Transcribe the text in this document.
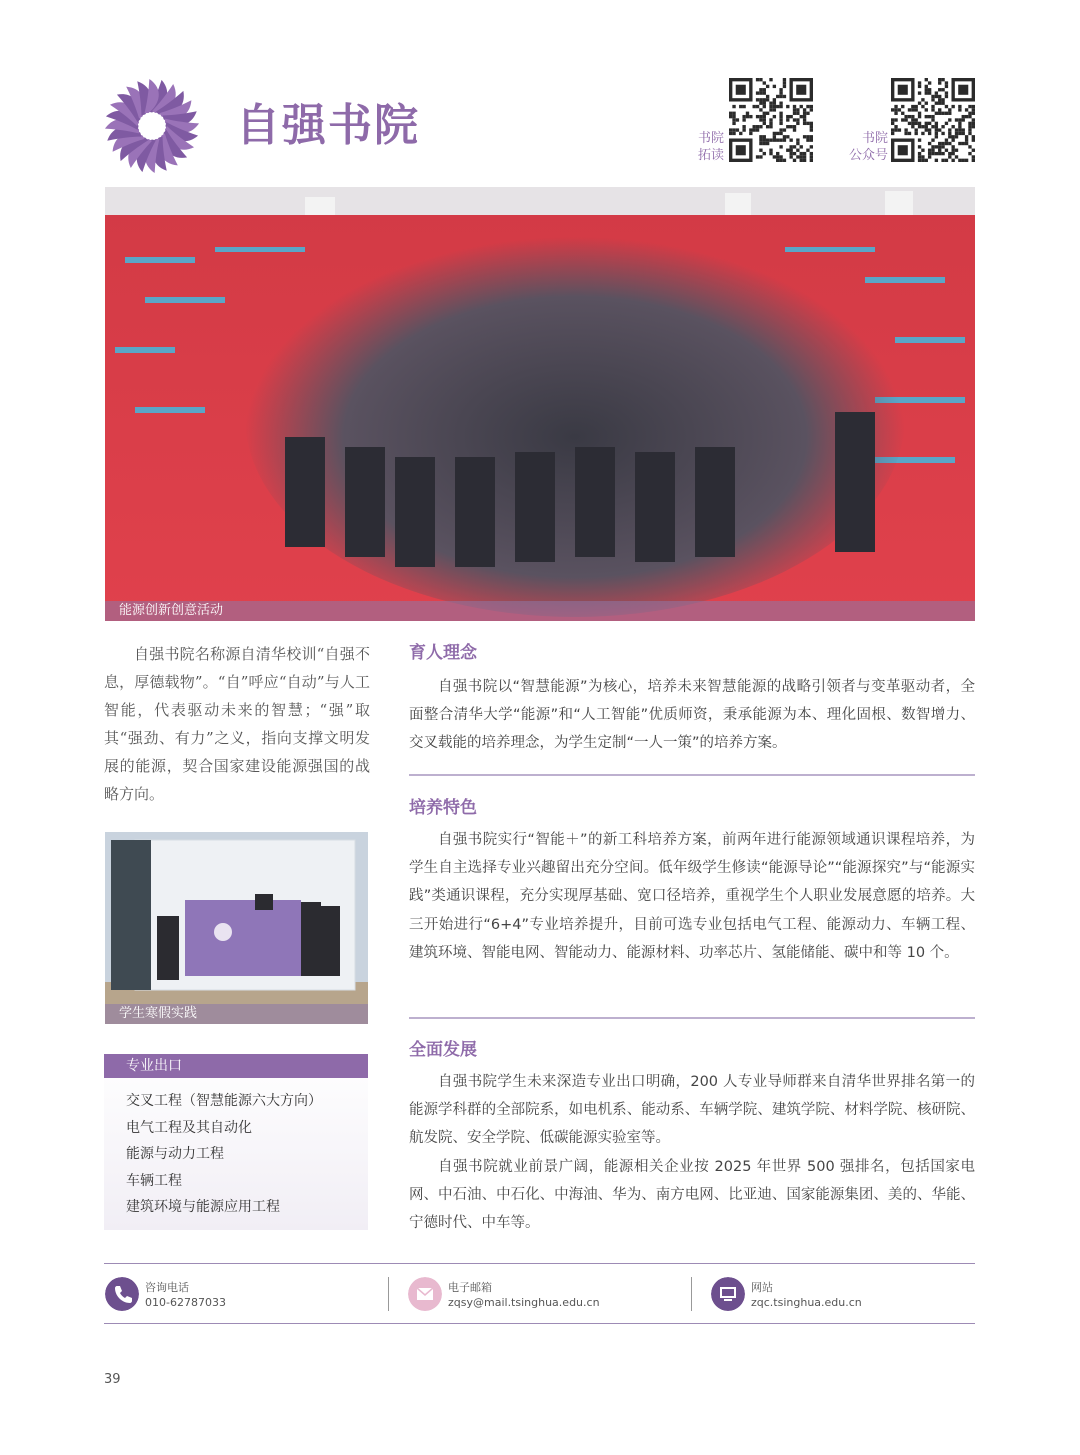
自强书院	书院
拓读
书院
公众号
能源创新创意活动
自强书院名称源自清华校训“自强不息，厚德载物”。“自”呼应“自动”与人工智能，代表驱动未来的智慧；“强”取其“强劲、有力”之义，指向支撑文明发展的能源，契合国家建设能源强国的战略方向。
学生寒假实践
专业出口
交叉工程（智慧能源六大方向）
电气工程及其自动化
能源与动力工程
车辆工程
建筑环境与能源应用工程
育人理念

自强书院以“智慧能源”为核心，培养未来智慧能源的战略引领者与变革驱动者，全面整合清华大学“能源”和“人工智能”优质师资，秉承能源为本、理化固根、数智增力、交叉载能的培养理念，为学生定制“一人一策”的培养方案。

培养特色

自强书院实行“智能＋”的新工科培养方案，前两年进行能源领域通识课程培养，为学生自主选择专业兴趣留出充分空间。低年级学生修读“能源导论”“能源探究”与“能源实践”类通识课程，充分实现厚基础、宽口径培养，重视学生个人职业发展意愿的培养。大三开始进行“6+4”专业培养提升，目前可选专业包括电气工程、能源动力、车辆工程、建筑环境、智能电网、智能动力、能源材料、功率芯片、氢能储能、碳中和等 10 个。

全面发展

自强书院学生未来深造专业出口明确，200 人专业导师群来自清华世界排名第一的能源学科群的全部院系，如电机系、能动系、车辆学院、建筑学院、材料学院、核研院、航发院、安全学院、低碳能源实验室等。

自强书院就业前景广阔，能源相关企业按 2025 年世界 500 强排名，包括国家电网、中石油、中石化、中海油、华为、南方电网、比亚迪、国家能源集团、美的、华能、宁德时代、中车等。

咨询电话
010-62787033
电子邮箱
zqsy@mail.tsinghua.edu.cn
网站
zqc.tsinghua.edu.cn
39
